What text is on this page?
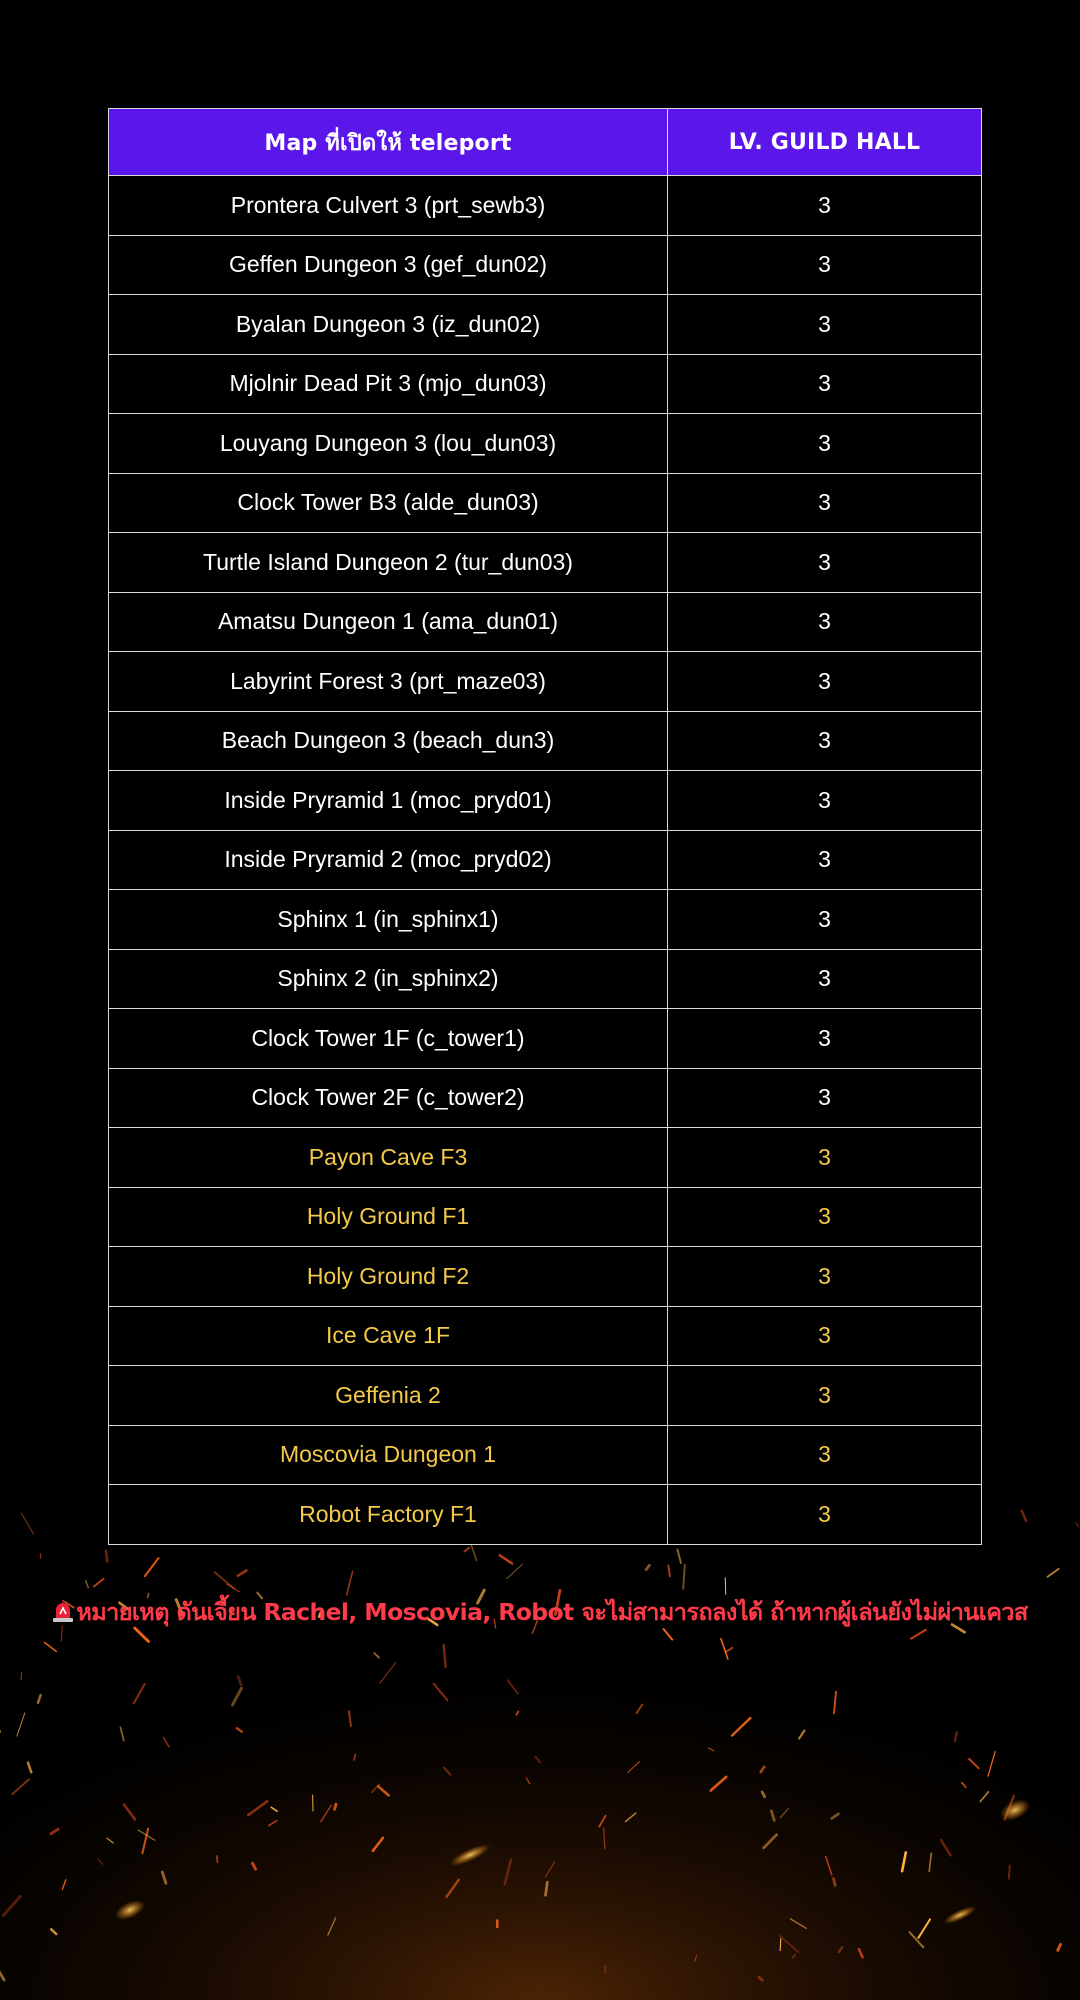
Map ที่เปิดให้ teleport	LV. GUILD HALL
Prontera Culvert 3 (prt_sewb3)	3
Geffen Dungeon 3 (gef_dun02)	3
Byalan Dungeon 3 (iz_dun02)	3
Mjolnir Dead Pit 3 (mjo_dun03)	3
Louyang Dungeon 3 (lou_dun03)	3
Clock Tower B3 (alde_dun03)	3
Turtle Island Dungeon 2 (tur_dun03)	3
Amatsu Dungeon 1 (ama_dun01)	3
Labyrint Forest 3 (prt_maze03)	3
Beach Dungeon 3 (beach_dun3)	3
Inside Pryramid 1 (moc_pryd01)	3
Inside Pryramid 2 (moc_pryd02)	3
Sphinx 1 (in_sphinx1)	3
Sphinx 2 (in_sphinx2)	3
Clock Tower 1F (c_tower1)	3
Clock Tower 2F (c_tower2)	3
Payon Cave F3	3
Holy Ground F1	3
Holy Ground F2	3
Ice Cave 1F	3
Geffenia 2	3
Moscovia Dungeon 1	3
Robot Factory F1	3
หมายเหตุ ดันเจี้ยน Rachel, Moscovia, Robot จะไม่สามารถลงได้ ถ้าหากผู้เล่นยังไม่ผ่านเควส
